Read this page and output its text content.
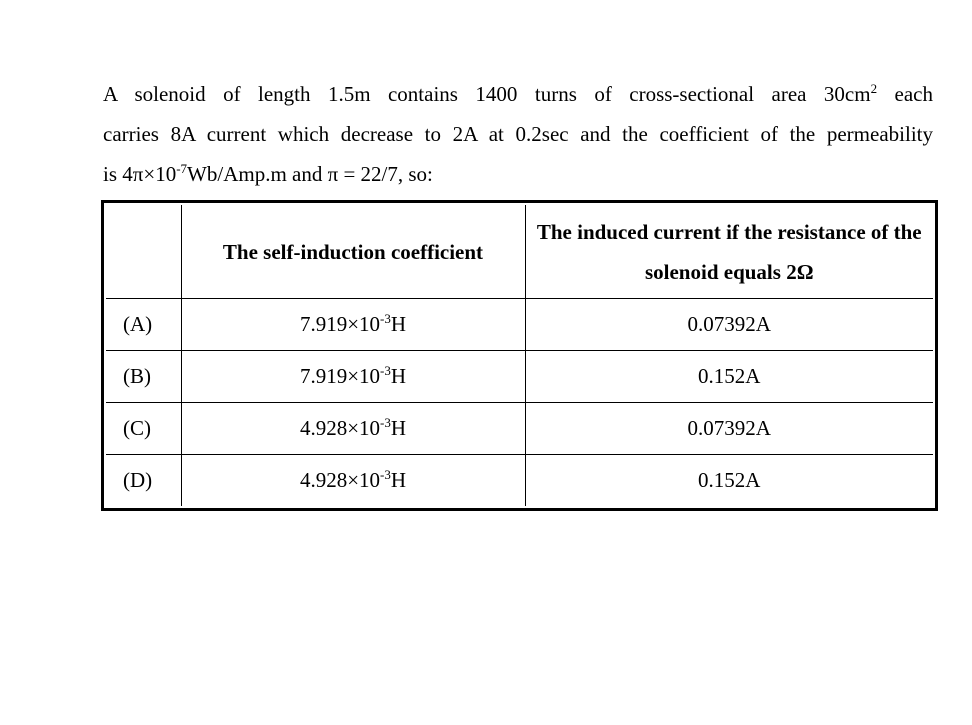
A solenoid of length 1.5m contains 1400 turns of cross-sectional area $30cm^2$ each
carries 8A current which decrease to 2A at 0.2sec and the coefficient of the permeability
is $4\pi\times 10^{-7}Wb/Amp.m$ and π = 22/7, so:
	The self-induction coefficient	The induced current if the resistance of the solenoid equals 2Ω
(A)	$7.919\times 10^{-3}H$	0.07392A
(B)	$7.919\times 10^{-3}H$	0.152A
(C)	$4.928\times 10^{-3}H$	0.07392A
(D)	$4.928\times 10^{-3}H$	0.152A
